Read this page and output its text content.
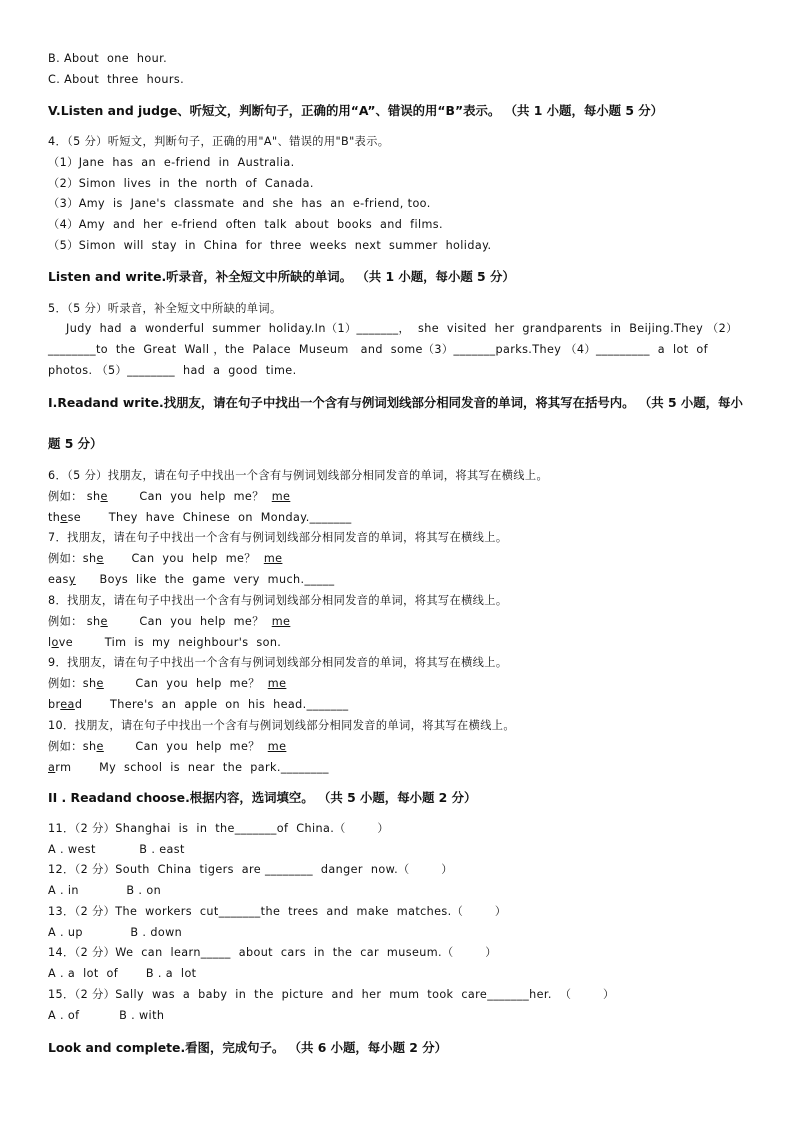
B. About  one  hour.
C. About  three  hours.
V.Listen and judge、听短文，判断句子，正确的用“A”、错误的用“B”表示。 （共 1 小题，每小题 5 分）
4．（5 分）听短文，判断句子，正确的用"A"、错误的用"B"表示。
（1）Jane  has  an  e-friend  in  Australia.
（2）Simon  lives  in  the  north  of  Canada.
（3）Amy  is  Jane's  classmate  and  she  has  an  e-friend, too.
（4）Amy  and  her  e-friend  often  talk  about  books  and  films.
（5）Simon  will  stay  in  China  for  three  weeks  next  summer  holiday.
Listen and write.听录音，补全短文中所缺的单词。 （共 1 小题，每小题 5 分）
5．（5 分）听录音，补全短文中所缺的单词。
Judy  had  a  wonderful  summer  holiday.In（1）_______，  she  visited  her  grandparents  in  Beijing.They （2）
________to  the  Great  Wall ，the  Palace  Museum   and  some（3）_______parks.They （4）_________  a  lot  of
photos. （5）________  had  a  good  time.
I.Readand write.找朋友，请在句子中找出一个含有与例词划线部分相同发音的单词，将其写在括号内。 （共 5 小题，每小
题 5 分）
6．（5 分）找朋友，请在句子中找出一个含有与例词划线部分相同发音的单词，将其写在横线上。
例如： she        Can  you  help  me？ me
these       They  have  Chinese  on  Monday._______
7．找朋友，请在句子中找出一个含有与例词划线部分相同发音的单词，将其写在横线上。
例如：she       Can  you  help  me？  me
easy      Boys  like  the  game  very  much._____
8．找朋友，请在句子中找出一个含有与例词划线部分相同发音的单词，将其写在横线上。
例如： she        Can  you  help  me？  me
love        Tim  is  my  neighbour's  son.
9．找朋友，请在句子中找出一个含有与例词划线部分相同发音的单词，将其写在横线上。
例如：she        Can  you  help  me？  me
bread       There's  an  apple  on  his  head._______
10．找朋友，请在句子中找出一个含有与例词划线部分相同发音的单词，将其写在横线上。
例如：she        Can  you  help  me？  me
arm       My  school  is  near  the  park.________
II . Readand choose.根据内容，选词填空。 （共 5 小题，每小题 2 分）
11．（2 分）Shanghai  is  in  the_______of  China.（        ）
A . west           B . east
12．（2 分）South  China  tigers  are ________  danger  now.（        ）
A . in            B . on
13．（2 分）The  workers  cut_______the  trees  and  make  matches.（        ）
A . up            B . down
14．（2 分）We  can  learn_____  about  cars  in  the  car  museum.（        ）
A . a  lot  of       B . a  lot
15．（2 分）Sally  was  a  baby  in  the  picture  and  her  mum  took  care_______her.  （        ）
A . of          B . with
Look and complete.看图，完成句子。 （共 6 小题，每小题 2 分）
